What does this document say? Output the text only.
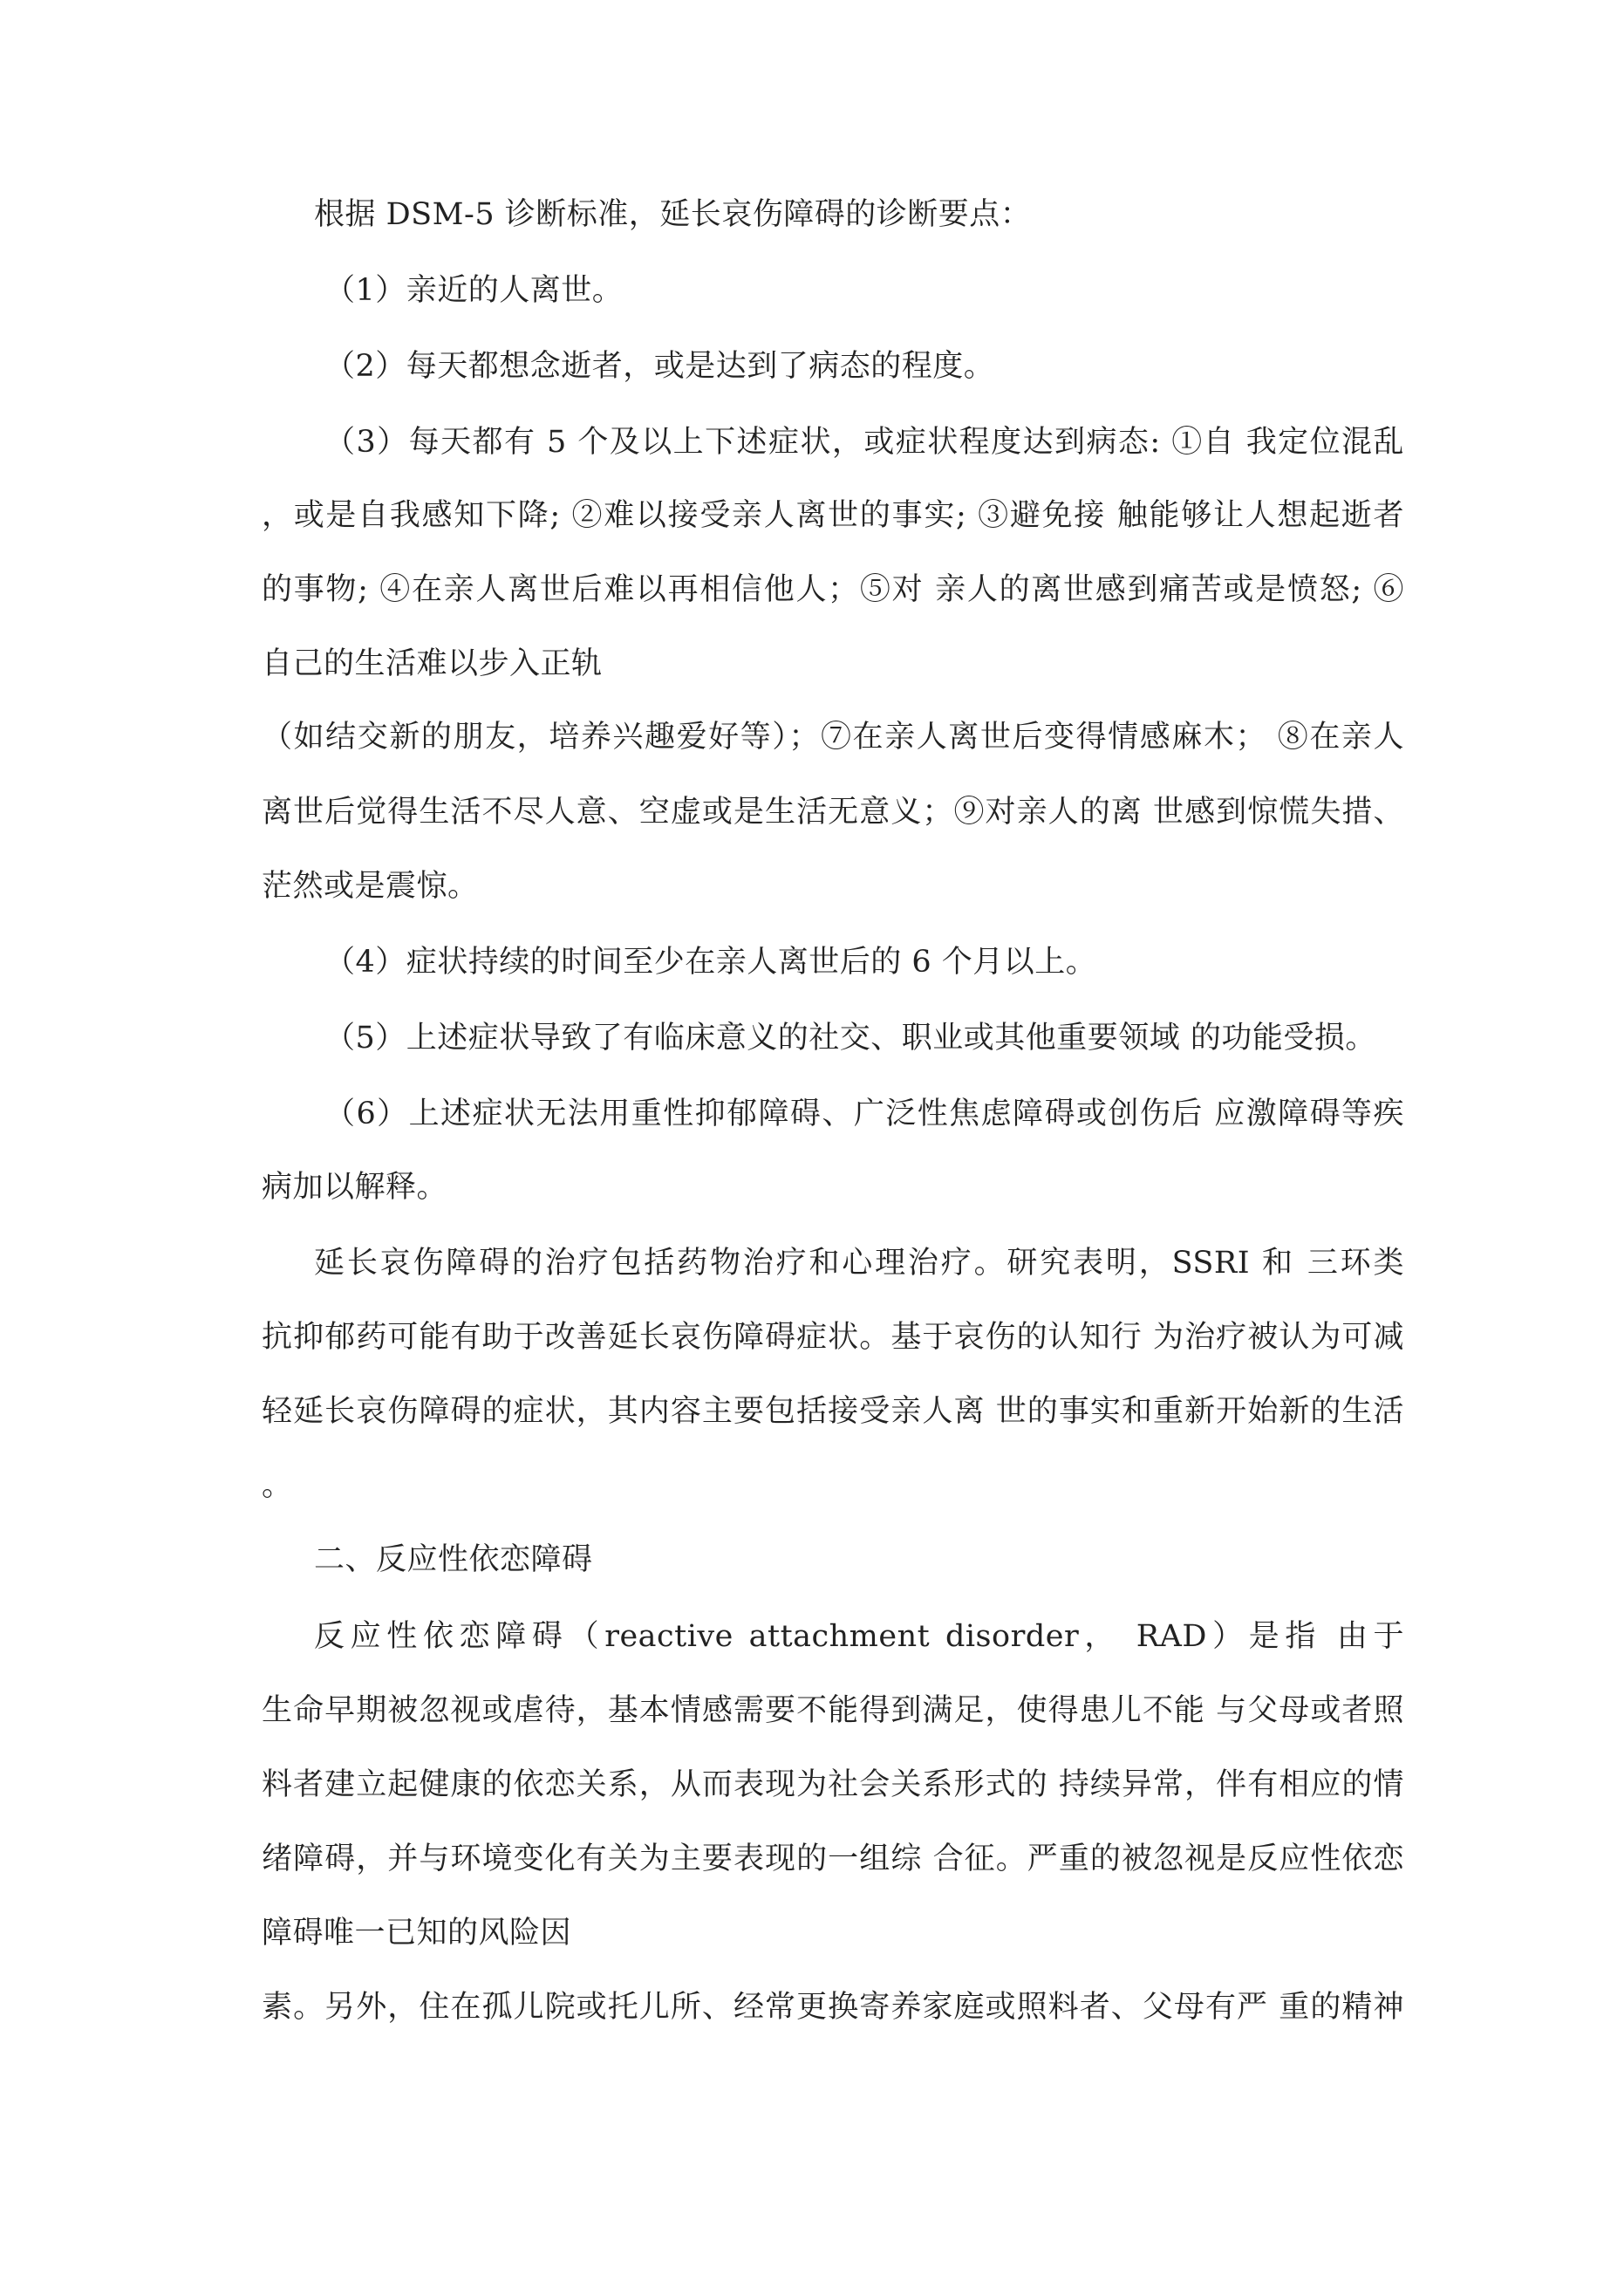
根据 DSM-5 诊断标准，延长哀伤障碍的诊断要点：
（1）亲近的人离世。
（2）每天都想念逝者，或是达到了病态的程度。
（3）每天都有 5 个及以上下述症状，或症状程度达到病态: ①自 我定位混乱
，或是自我感知下降; ②难以接受亲人离世的事实; ③避免接 触能够让人想起逝者
的事物; ④在亲人离世后难以再相信他人；⑤对 亲人的离世感到痛苦或是愤怒; ⑥
自己的生活难以步入正轨
（如结交新的朋友，培养兴趣爱好等）；⑦在亲人离世后变得情感麻木； ⑧在亲人
离世后觉得生活不尽人意、空虚或是生活无意义；⑨对亲人的离 世感到惊慌失措、
茫然或是震惊。
（4）症状持续的时间至少在亲人离世后的 6 个月以上。
（5）上述症状导致了有临床意义的社交、职业或其他重要领域 的功能受损。
（6）上述症状无法用重性抑郁障碍、广泛性焦虑障碍或创伤后 应激障碍等疾
病加以解释。
延长哀伤障碍的治疗包括药物治疗和心理治疗。研究表明，SSRI 和 三环类
抗抑郁药可能有助于改善延长哀伤障碍症状。基于哀伤的认知行 为治疗被认为可减
轻延长哀伤障碍的症状，其内容主要包括接受亲人离 世的事实和重新开始新的生活
。
二、反应性依恋障碍
反应性依恋障碍（reactive attachment disorder， RAD）是指 由于
生命早期被忽视或虐待，基本情感需要不能得到满足，使得患儿不能 与父母或者照
料者建立起健康的依恋关系，从而表现为社会关系形式的 持续异常，伴有相应的情
绪障碍，并与环境变化有关为主要表现的一组综 合征。严重的被忽视是反应性依恋
障碍唯一已知的风险因
素。另外，住在孤儿院或托儿所、经常更换寄养家庭或照料者、父母有严 重的精神
